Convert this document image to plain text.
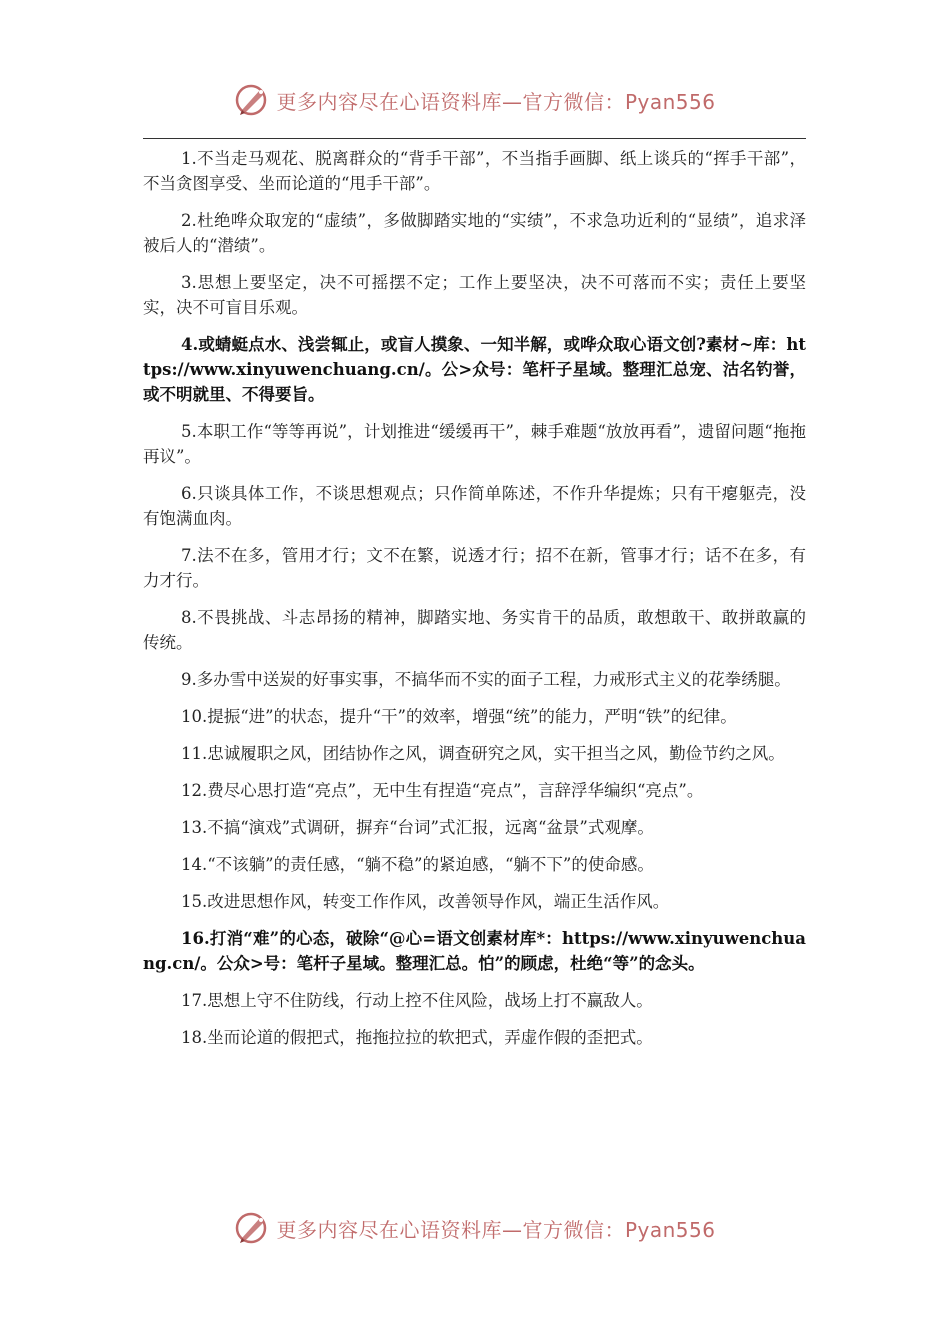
更多内容尽在心语资料库—官方微信：Pyan556

1.不当走马观花、脱离群众的“背手干部”，不当指手画脚、纸上谈兵的“挥手干部”，不当贪图享受、坐而论道的“甩手干部”。

2.杜绝哗众取宠的“虚绩”，多做脚踏实地的“实绩”，不求急功近利的“显绩”，追求泽被后人的“潜绩”。

3.思想上要坚定，决不可摇摆不定；工作上要坚决，决不可落而不实；责任上要坚实，决不可盲目乐观。

4.或蜻蜓点水、浅尝辄止，或盲人摸象、一知半解，或哗众取心语文创?素材~库：https://www.xinyuwenchuang.cn/。公>众号：笔杆子星域。整理汇总宠、沽名钓誉，或不明就里、不得要旨。

5.本职工作“等等再说”，计划推进“缓缓再干”，棘手难题“放放再看”，遗留问题“拖拖再议”。

6.只谈具体工作，不谈思想观点；只作简单陈述，不作升华提炼；只有干瘪躯壳，没有饱满血肉。

7.法不在多，管用才行；文不在繁，说透才行；招不在新，管事才行；话不在多，有力才行。

8.不畏挑战、斗志昂扬的精神，脚踏实地、务实肯干的品质，敢想敢干、敢拼敢赢的传统。

9.多办雪中送炭的好事实事，不搞华而不实的面子工程，力戒形式主义的花拳绣腿。

10.提振“进”的状态，提升“干”的效率，增强“统”的能力，严明“铁”的纪律。

11.忠诚履职之风，团结协作之风，调查研究之风，实干担当之风，勤俭节约之风。

12.费尽心思打造“亮点”，无中生有捏造“亮点”，言辞浮华编织“亮点”。

13.不搞“演戏”式调研，摒弃“台词”式汇报，远离“盆景”式观摩。

14.“不该躺”的责任感，“躺不稳”的紧迫感，“躺不下”的使命感。

15.改进思想作风，转变工作作风，改善领导作风，端正生活作风。

16.打消“难”的心态，破除“@心=语文创素材库*：https://www.xinyuwenchuang.cn/。公众>号：笔杆子星域。整理汇总。怕”的顾虑，杜绝“等”的念头。

17.思想上守不住防线，行动上控不住风险，战场上打不赢敌人。

18.坐而论道的假把式，拖拖拉拉的软把式，弄虚作假的歪把式。

更多内容尽在心语资料库—官方微信：Pyan556
